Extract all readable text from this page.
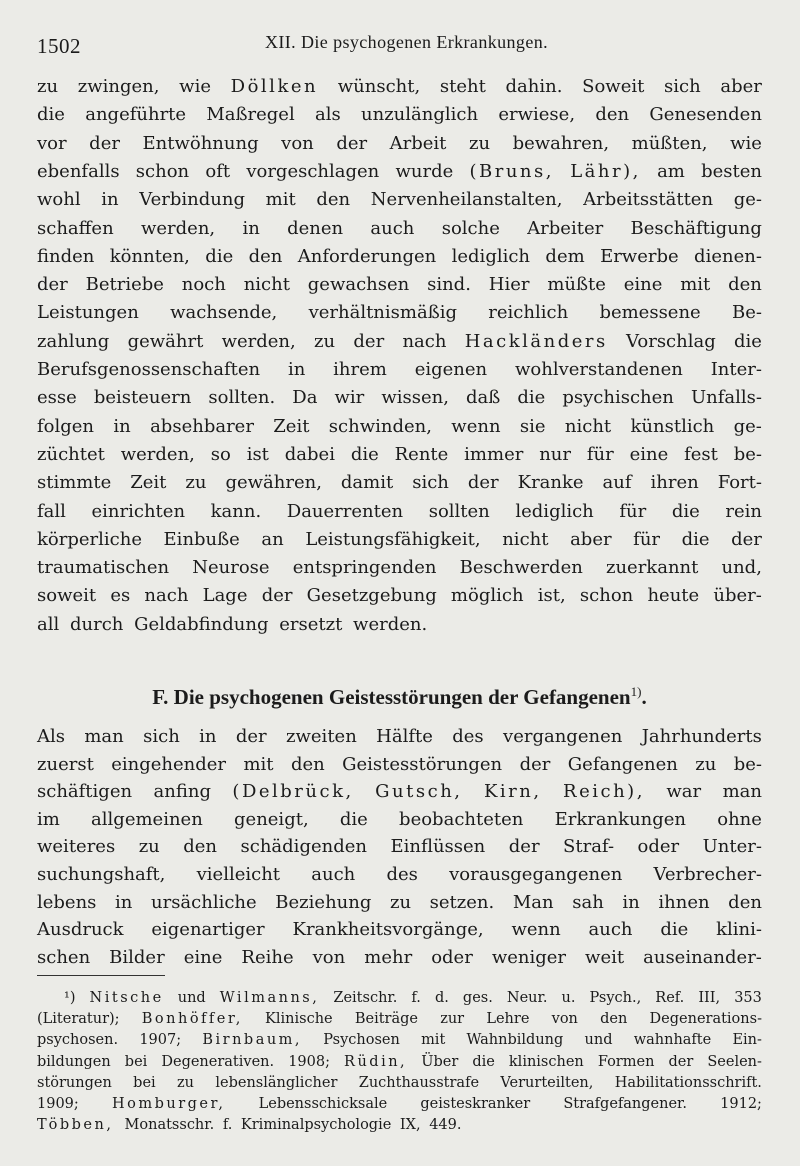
1502	XII. Die psychogenen Erkrankungen.
zu zwingen, wie Döllken wünscht, steht dahin. Soweit sich aber
die angeführte Maßregel als unzulänglich erwiese, den Genesenden
vor der Entwöhnung von der Arbeit zu bewahren, müßten, wie
ebenfalls schon oft vorgeschlagen wurde (Bruns, Lähr), am besten
wohl in Verbindung mit den Nervenheilanstalten, Arbeitsstätten ge-
schaffen werden, in denen auch solche Arbeiter Beschäftigung
finden könnten, die den Anforderungen lediglich dem Erwerbe dienen-
der Betriebe noch nicht gewachsen sind. Hier müßte eine mit den
Leistungen wachsende, verhältnismäßig reichlich bemessene Be-
zahlung gewährt werden, zu der nach Hackländers Vorschlag die
Berufsgenossenschaften in ihrem eigenen wohlverstandenen Inter-
esse beisteuern sollten. Da wir wissen, daß die psychischen Unfalls-
folgen in absehbarer Zeit schwinden, wenn sie nicht künstlich ge-
züchtet werden, so ist dabei die Rente immer nur für eine fest be-
stimmte Zeit zu gewähren, damit sich der Kranke auf ihren Fort-
fall einrichten kann. Dauerrenten sollten lediglich für die rein
körperliche Einbuße an Leistungsfähigkeit, nicht aber für die der
traumatischen Neurose entspringenden Beschwerden zuerkannt und,
soweit es nach Lage der Gesetzgebung möglich ist, schon heute über-
all durch Geldabfindung ersetzt werden.
F. Die psychogenen Geistesstörungen der Gefangenen$^{1)}$.
Als man sich in der zweiten Hälfte des vergangenen Jahrhunderts
zuerst eingehender mit den Geistesstörungen der Gefangenen zu be-
schäftigen anfing (Delbrück, Gutsch, Kirn, Reich), war man
im allgemeinen geneigt, die beobachteten Erkrankungen ohne
weiteres zu den schädigenden Einflüssen der Straf- oder Unter-
suchungshaft, vielleicht auch des vorausgegangenen Verbrecher-
lebens in ursächliche Beziehung zu setzen. Man sah in ihnen den
Ausdruck eigenartiger Krankheitsvorgänge, wenn auch die klini-
schen Bilder eine Reihe von mehr oder weniger weit auseinander-
¹) Nitsche und Wilmanns, Zeitschr. f. d. ges. Neur. u. Psych., Ref. III, 353
(Literatur); Bonhöffer, Klinische Beiträge zur Lehre von den Degenerations-
psychosen. 1907; Birnbaum, Psychosen mit Wahnbildung und wahnhafte Ein-
bildungen bei Degenerativen. 1908; Rüdin, Über die klinischen Formen der Seelen-
störungen bei zu lebenslänglicher Zuchthausstrafe Verurteilten, Habilitationsschrift.
1909; Homburger, Lebensschicksale geisteskranker Strafgefangener. 1912;
Többen, Monatsschr. f. Kriminalpsychologie IX, 449.
